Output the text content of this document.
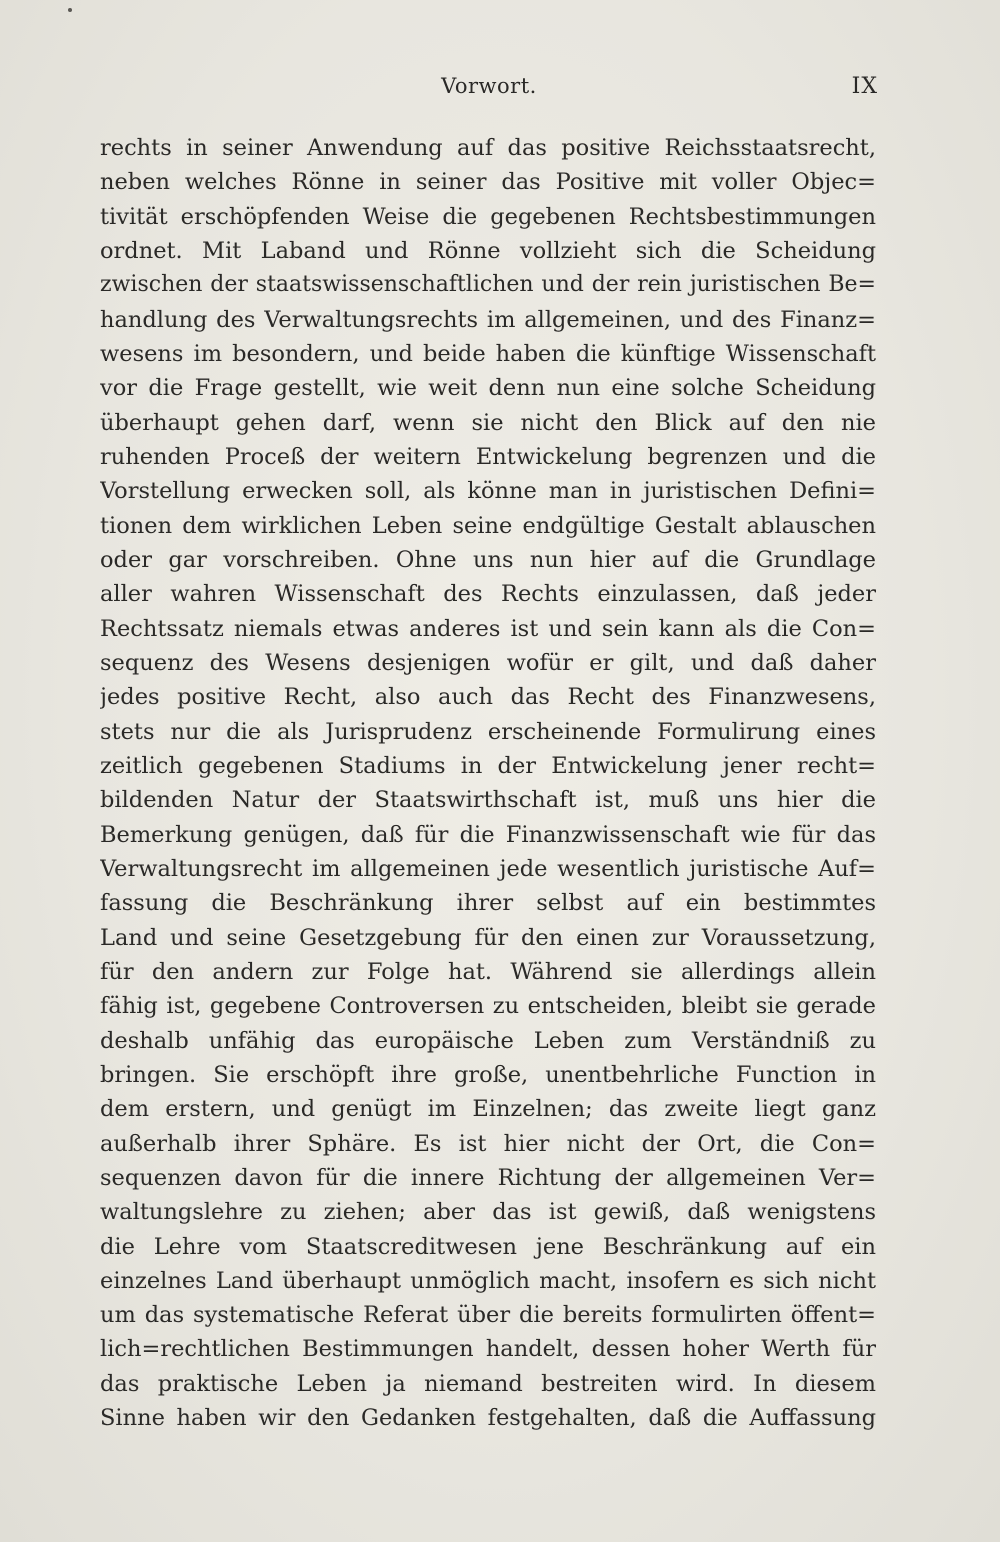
Vorwort.	IX
rechts in seiner Anwendung auf das positive Reichsstaatsrecht,
neben welches Rönne in seiner das Positive mit voller Objec=
tivität erschöpfenden Weise die gegebenen Rechtsbestimmungen
ordnet. Mit Laband und Rönne vollzieht sich die Scheidung
zwischen der staatswissenschaftlichen und der rein juristischen Be=
handlung des Verwaltungsrechts im allgemeinen, und des Finanz=
wesens im besondern, und beide haben die künftige Wissenschaft
vor die Frage gestellt, wie weit denn nun eine solche Scheidung
überhaupt gehen darf, wenn sie nicht den Blick auf den nie
ruhenden Proceß der weitern Entwickelung begrenzen und die
Vorstellung erwecken soll, als könne man in juristischen Defini=
tionen dem wirklichen Leben seine endgültige Gestalt ablauschen
oder gar vorschreiben. Ohne uns nun hier auf die Grundlage
aller wahren Wissenschaft des Rechts einzulassen, daß jeder
Rechtssatz niemals etwas anderes ist und sein kann als die Con=
sequenz des Wesens desjenigen wofür er gilt, und daß daher
jedes positive Recht, also auch das Recht des Finanzwesens,
stets nur die als Jurisprudenz erscheinende Formulirung eines
zeitlich gegebenen Stadiums in der Entwickelung jener recht=
bildenden Natur der Staatswirthschaft ist, muß uns hier die
Bemerkung genügen, daß für die Finanzwissenschaft wie für das
Verwaltungsrecht im allgemeinen jede wesentlich juristische Auf=
fassung die Beschränkung ihrer selbst auf ein bestimmtes
Land und seine Gesetzgebung für den einen zur Voraussetzung,
für den andern zur Folge hat. Während sie allerdings allein
fähig ist, gegebene Controversen zu entscheiden, bleibt sie gerade
deshalb unfähig das europäische Leben zum Verständniß zu
bringen. Sie erschöpft ihre große, unentbehrliche Function in
dem erstern, und genügt im Einzelnen; das zweite liegt ganz
außerhalb ihrer Sphäre. Es ist hier nicht der Ort, die Con=
sequenzen davon für die innere Richtung der allgemeinen Ver=
waltungslehre zu ziehen; aber das ist gewiß, daß wenigstens
die Lehre vom Staatscreditwesen jene Beschränkung auf ein
einzelnes Land überhaupt unmöglich macht, insofern es sich nicht
um das systematische Referat über die bereits formulirten öffent=
lich=rechtlichen Bestimmungen handelt, dessen hoher Werth für
das praktische Leben ja niemand bestreiten wird. In diesem
Sinne haben wir den Gedanken festgehalten, daß die Auffassung
